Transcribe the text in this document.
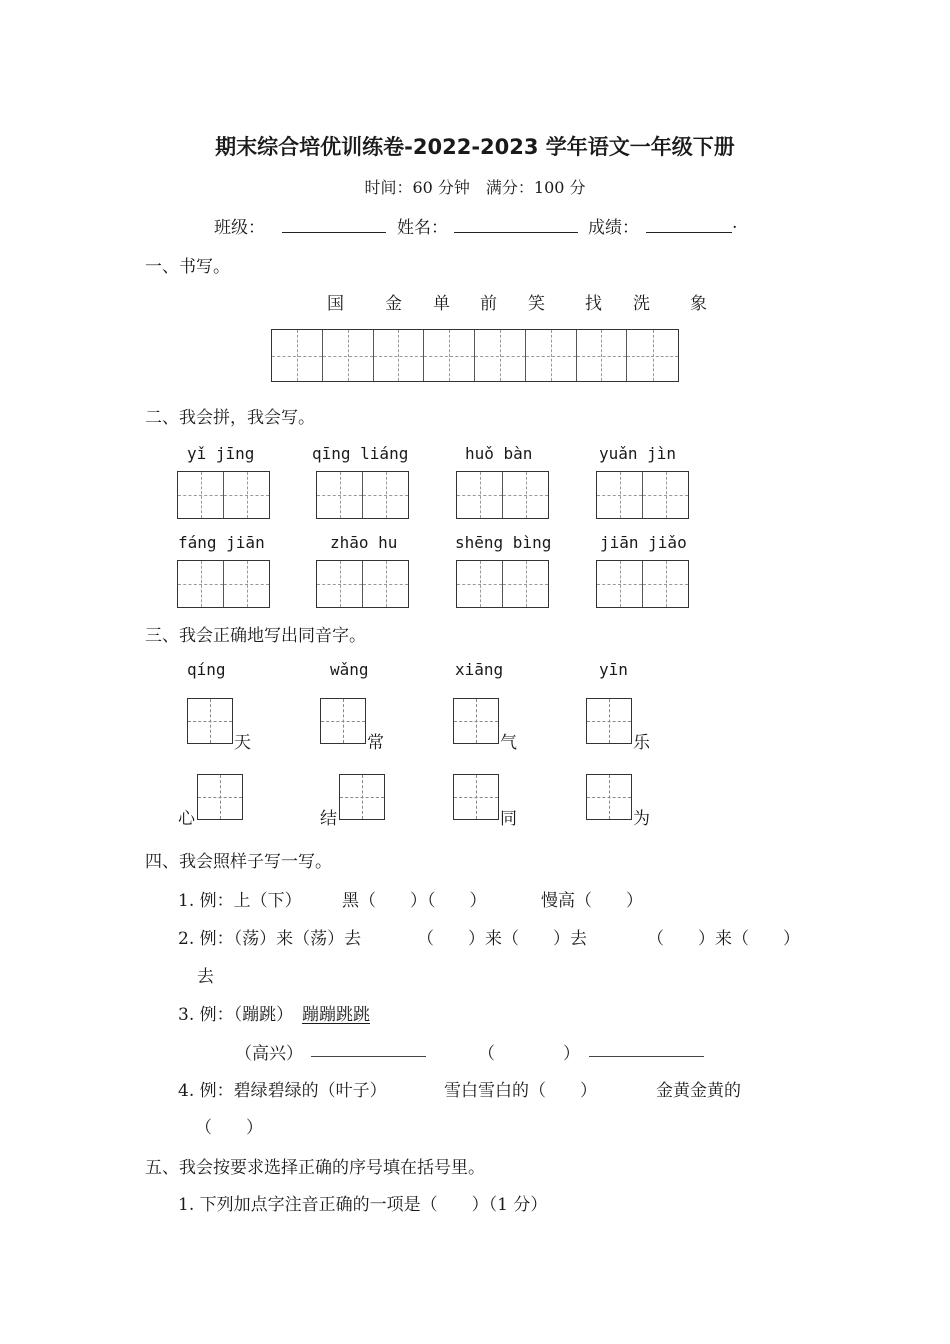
期末综合培优训练卷-2022-2023 学年语文一年级下册
时间：60 分钟　满分：100 分
班级：	姓名：	成绩：	.
一、书写。
国 金 单 前 笑 找 洗 象
二、我会拼，我会写。
yǐ jīng	qīng liáng	huǒ bàn	yuǎn jìn
fáng jiān	zhāo hu	shēng bìng	jiān jiǎo
三、我会正确地写出同音字。
qíng	wǎng	xiāng	yīn
天	常	气	乐
心	结	同	为
四、我会照样子写一写。
1. 例：上（下） 黑（　　）（　　）	慢高（　　）
2. 例：（荡）来（荡）去	（　　）来（　　）去	（　　）来（　　）
去
3. 例：（蹦跳） 蹦蹦跳跳
（高兴）	（　　　　）
4. 例：碧绿碧绿的（叶子）	雪白雪白的（　　）	金黄金黄的
（　　）
五、我会按要求选择正确的序号填在括号里。
1. 下列加点字注音正确的一项是（　　）（1 分）
